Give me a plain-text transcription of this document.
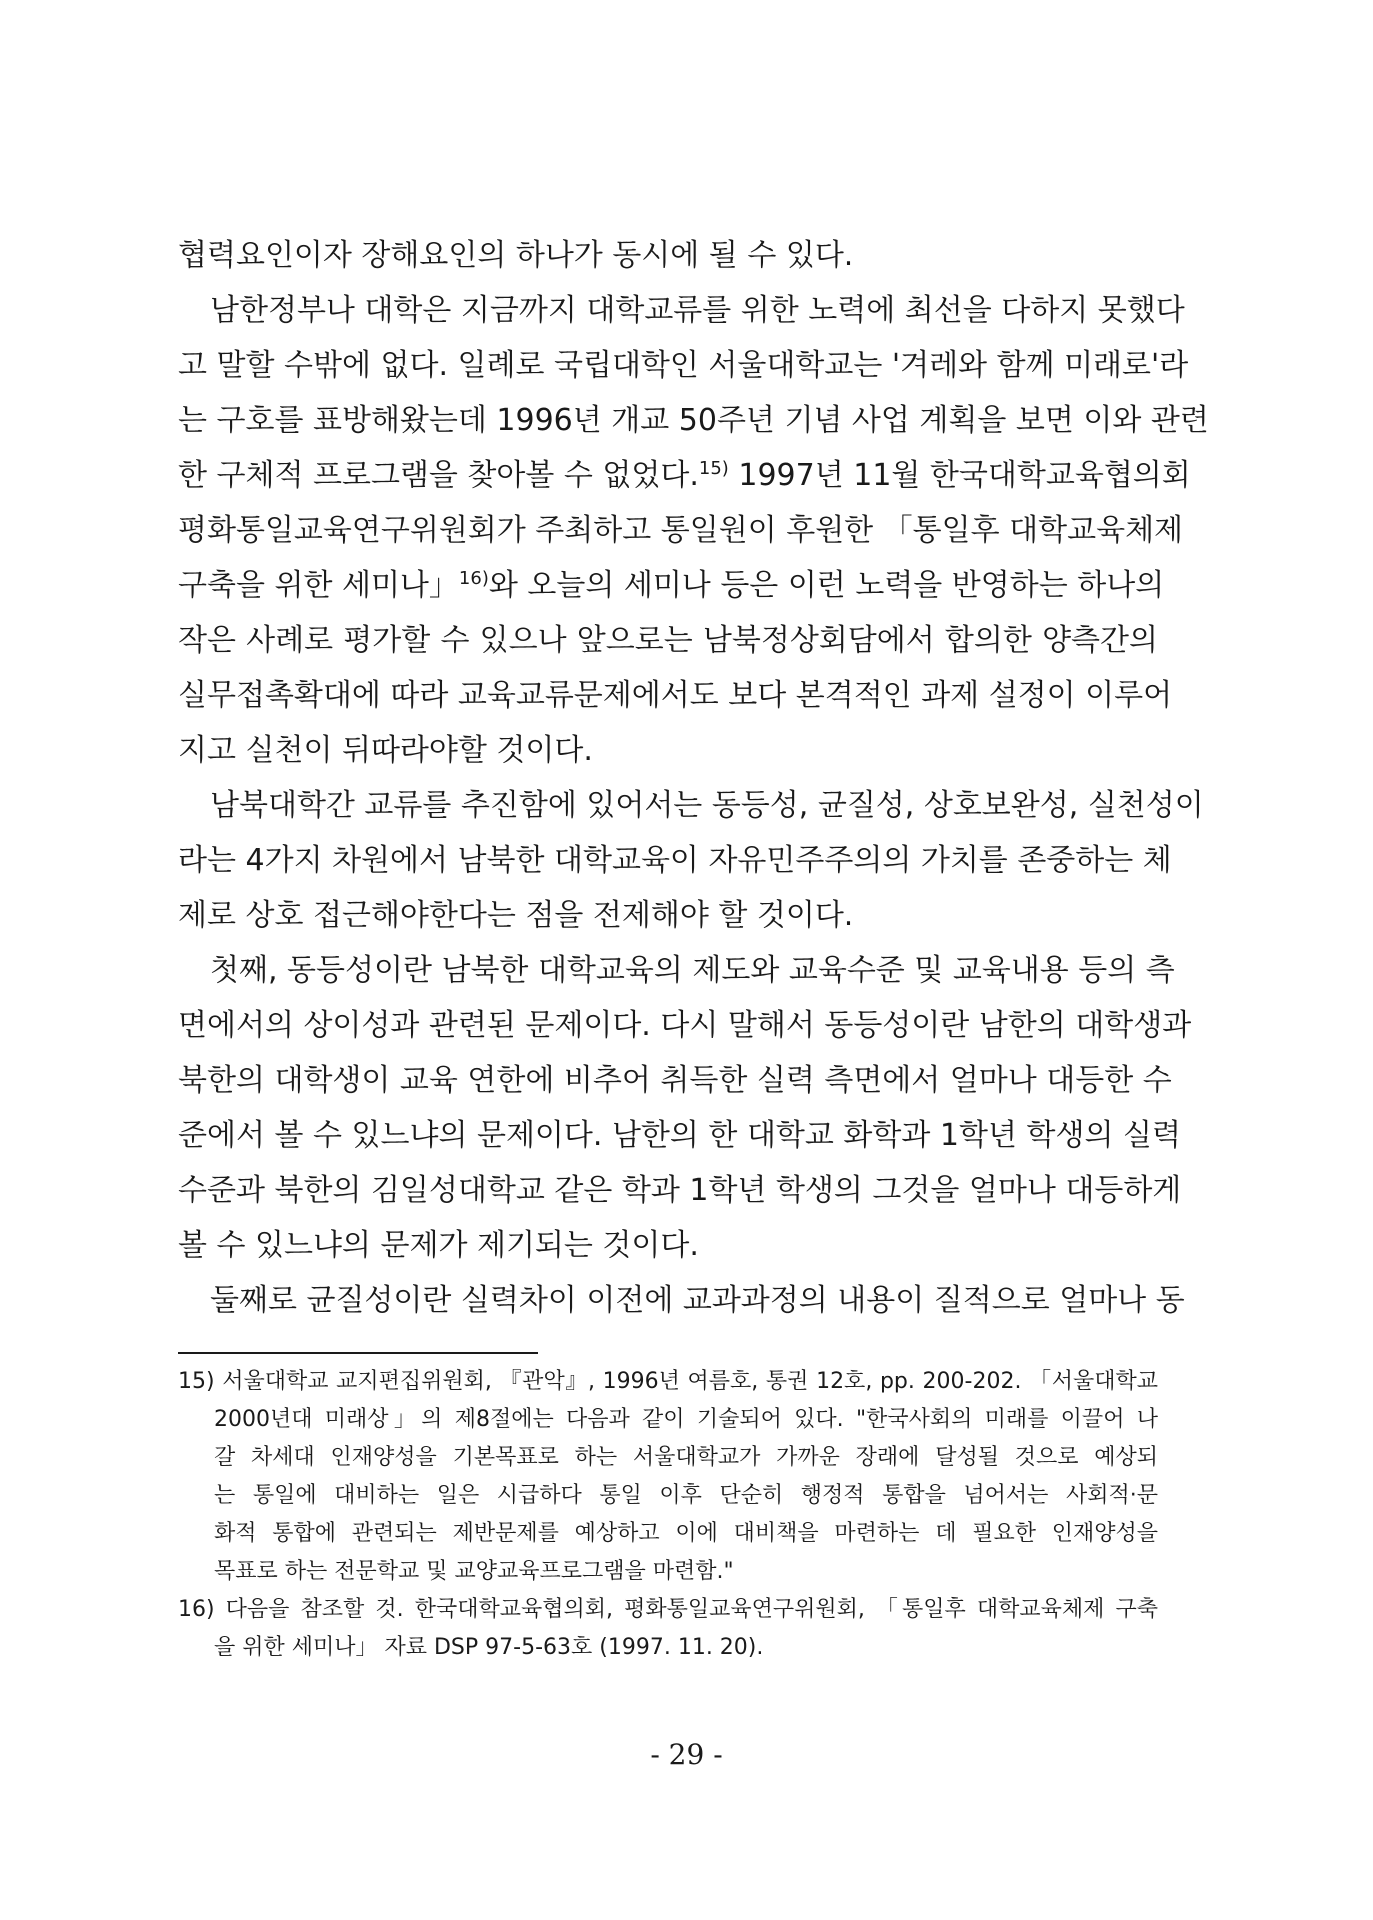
협력요인이자 장해요인의 하나가 동시에 될 수 있다.
남한정부나 대학은 지금까지 대학교류를 위한 노력에 최선을 다하지 못했다
고 말할 수밖에 없다. 일례로 국립대학인 서울대학교는 '겨레와 함께 미래로'라
는 구호를 표방해왔는데 1996년 개교 50주년 기념 사업 계획을 보면 이와 관련
한 구체적 프로그램을 찾아볼 수 없었다.$^{15)}$ 1997년 11월 한국대학교육협의회
평화통일교육연구위원회가 주최하고 통일원이 후원한 「통일후 대학교육체제
구축을 위한 세미나」$^{16)}$와 오늘의 세미나 등은 이런 노력을 반영하는 하나의
작은 사례로 평가할 수 있으나 앞으로는 남북정상회담에서 합의한 양측간의
실무접촉확대에 따라 교육교류문제에서도 보다 본격적인 과제 설정이 이루어
지고 실천이 뒤따라야할 것이다.
남북대학간 교류를 추진함에 있어서는 동등성, 균질성, 상호보완성, 실천성이
라는 4가지 차원에서 남북한 대학교육이 자유민주주의의 가치를 존중하는 체
제로 상호 접근해야한다는 점을 전제해야 할 것이다.
첫째, 동등성이란 남북한 대학교육의 제도와 교육수준 및 교육내용 등의 측
면에서의 상이성과 관련된 문제이다. 다시 말해서 동등성이란 남한의 대학생과
북한의 대학생이 교육 연한에 비추어 취득한 실력 측면에서 얼마나 대등한 수
준에서 볼 수 있느냐의 문제이다. 남한의 한 대학교 화학과 1학년 학생의 실력
수준과 북한의 김일성대학교 같은 학과 1학년 학생의 그것을 얼마나 대등하게
볼 수 있느냐의 문제가 제기되는 것이다.
둘째로 균질성이란 실력차이 이전에 교과과정의 내용이 질적으로 얼마나 동
15) 서울대학교 교지편집위원회, 『관악』, 1996년 여름호, 통권 12호, pp. 200-202. 「서울대학교
2000년대 미래상」의 제8절에는 다음과 같이 기술되어 있다. "한국사회의 미래를 이끌어 나
갈 차세대 인재양성을 기본목표로 하는 서울대학교가 가까운 장래에 달성될 것으로 예상되
는 통일에 대비하는 일은 시급하다 통일 이후 단순히 행정적 통합을 넘어서는 사회적·문
화적 통합에 관련되는 제반문제를 예상하고 이에 대비책을 마련하는 데 필요한 인재양성을
목표로 하는 전문학교 및 교양교육프로그램을 마련함."
16) 다음을 참조할 것. 한국대학교육협의회, 평화통일교육연구위원회, 「통일후 대학교육체제 구축
을 위한 세미나」 자료 DSP 97-5-63호 (1997. 11. 20).
- 29 -
